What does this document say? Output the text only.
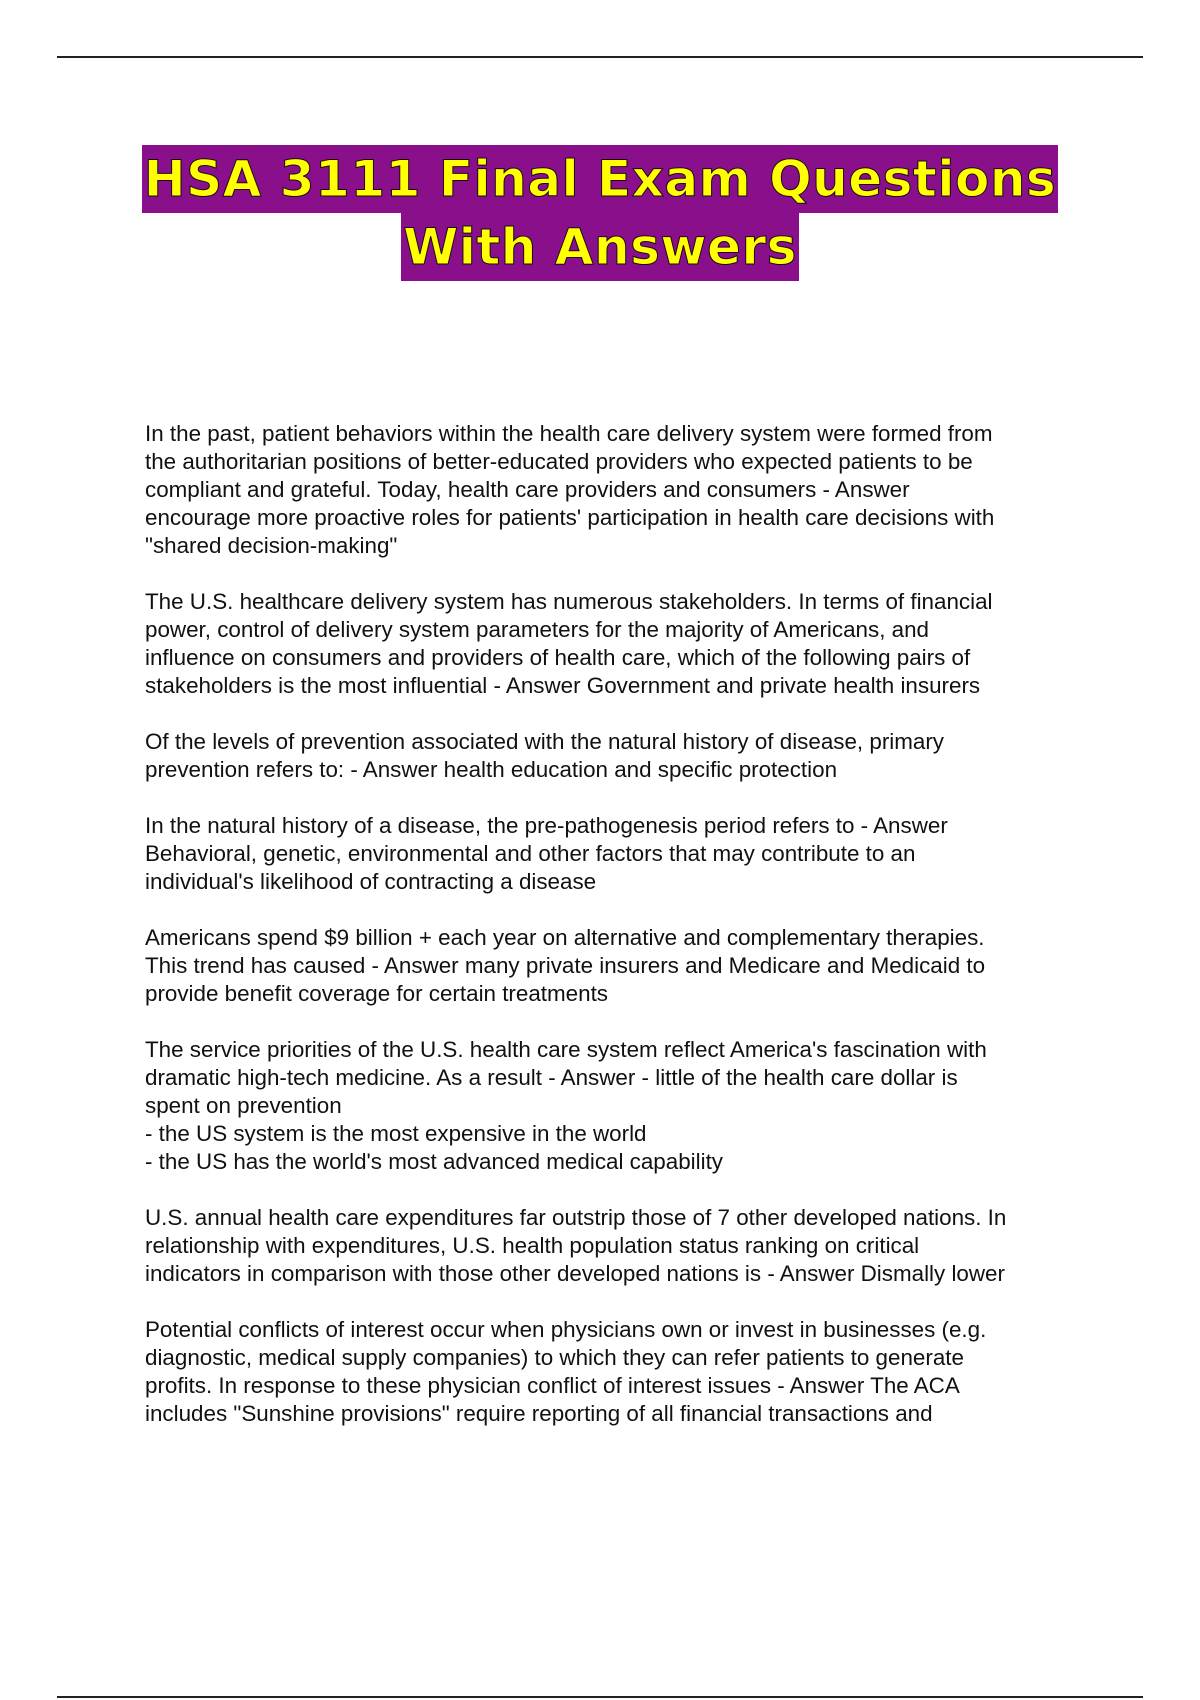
HSA 3111 Final Exam Questions
With Answers
In the past, patient behaviors within the health care delivery system were formed from
the authoritarian positions of better-educated providers who expected patients to be
compliant and grateful. Today, health care providers and consumers - Answer
encourage more proactive roles for patients' participation in health care decisions with
"shared decision-making"
The U.S. healthcare delivery system has numerous stakeholders. In terms of financial
power, control of delivery system parameters for the majority of Americans, and
influence on consumers and providers of health care, which of the following pairs of
stakeholders is the most influential - Answer Government and private health insurers
Of the levels of prevention associated with the natural history of disease, primary
prevention refers to: - Answer health education and specific protection
In the natural history of a disease, the pre-pathogenesis period refers to - Answer
Behavioral, genetic, environmental and other factors that may contribute to an
individual's likelihood of contracting a disease
Americans spend $9 billion + each year on alternative and complementary therapies.
This trend has caused - Answer many private insurers and Medicare and Medicaid to
provide benefit coverage for certain treatments
The service priorities of the U.S. health care system reflect America's fascination with
dramatic high-tech medicine. As a result - Answer - little of the health care dollar is
spent on prevention
- the US system is the most expensive in the world
- the US has the world's most advanced medical capability
U.S. annual health care expenditures far outstrip those of 7 other developed nations. In
relationship with expenditures, U.S. health population status ranking on critical
indicators in comparison with those other developed nations is - Answer Dismally lower
Potential conflicts of interest occur when physicians own or invest in businesses (e.g.
diagnostic, medical supply companies) to which they can refer patients to generate
profits. In response to these physician conflict of interest issues - Answer The ACA
includes "Sunshine provisions" require reporting of all financial transactions and
